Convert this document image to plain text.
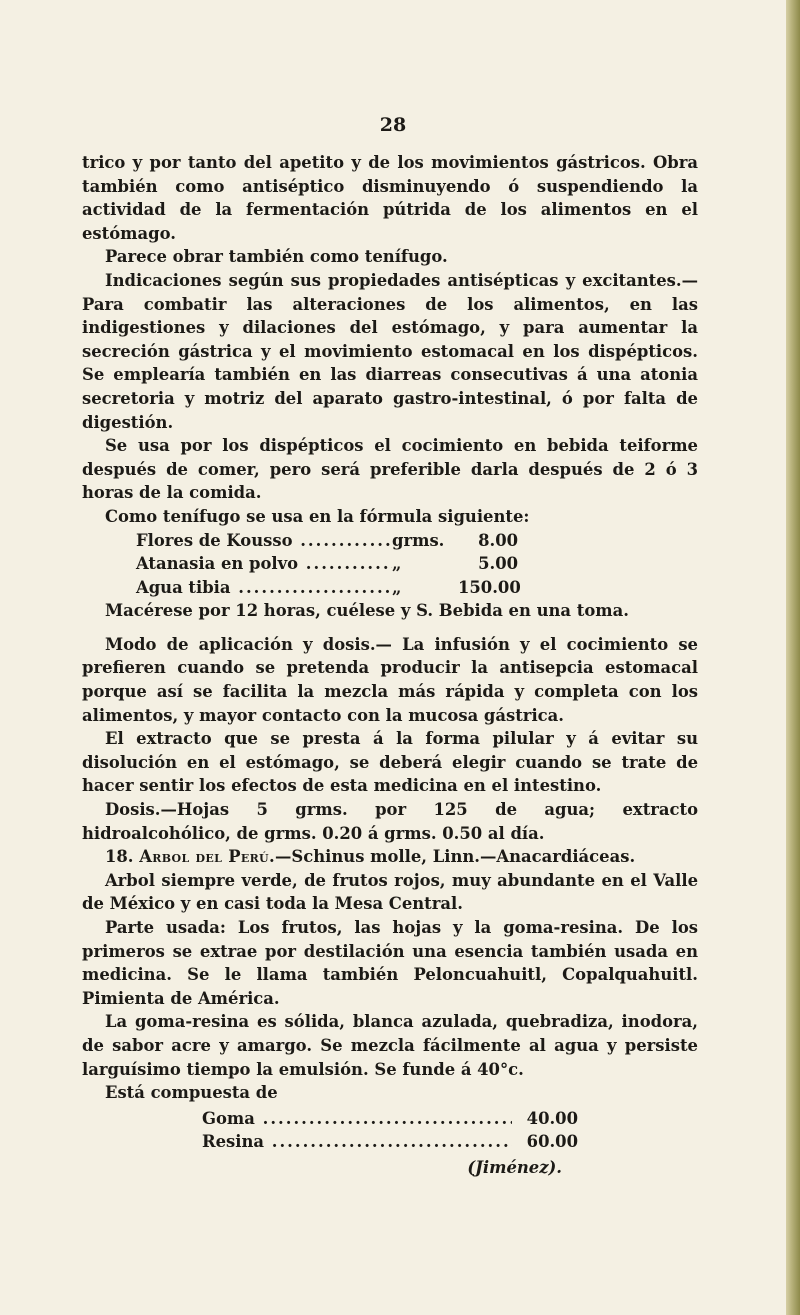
28

trico y por tanto del apetito y de los movimientos gástricos. Obra también como antiséptico disminuyendo ó suspendiendo la actividad de la fermentación pútrida de los alimentos en el estómago.

Parece obrar también como tenífugo.

Indicaciones según sus propiedades antisépticas y excitantes.—Para combatir las alteraciones de los alimentos, en las indigestiones y dilaciones del estómago, y para aumentar la secreción gástrica y el movimiento estomacal en los dispépticos. Se emplearía también en las diarreas consecutivas á una atonia secretoria y motriz del aparato gastro-intestinal, ó por falta de digestión.

Se usa por los dispépticos el cocimiento en bebida teiforme después de comer, pero será preferible darla después de 2 ó 3 horas de la comida.

Como tenífugo se usa en la fórmula siguiente:

Flores de Kousso .....	grms.	8.00
Atanasia en polvo .....	„	5.00
Agua tibia .....	„	150.00

Macérese por 12 horas, cuélese y S. Bebida en una toma.

Modo de aplicación y dosis.— La infusión y el cocimiento se prefieren cuando se pretenda producir la antisepcia estomacal porque así se facilita la mezcla más rápida y completa con los alimentos, y mayor contacto con la mucosa gástrica.

El extracto que se presta á la forma pilular y á evitar su disolución en el estómago, se deberá elegir cuando se trate de hacer sentir los efectos de esta medicina en el intestino.

Dosis.—Hojas 5 grms. por 125 de agua; extracto hidroalcohólico, de grms. 0.20 á grms. 0.50 al día.

18. Arbol del Perú.—Schinus molle, Linn.—Anacardiáceas.

Arbol siempre verde, de frutos rojos, muy abundante en el Valle de México y en casi toda la Mesa Central.

Parte usada: Los frutos, las hojas y la goma-resina. De los primeros se extrae por destilación una esencia también usada en medicina. Se le llama también Peloncuahuitl, Copalquahuitl. Pimienta de América.

La goma-resina es sólida, blanca azulada, quebradiza, inodora, de sabor acre y amargo. Se mezcla fácilmente al agua y persiste larguísimo tiempo la emulsión. Se funde á 40°c.

Está compuesta de

Goma .....	40.00
Resina .....	60.00
(Jiménez).
